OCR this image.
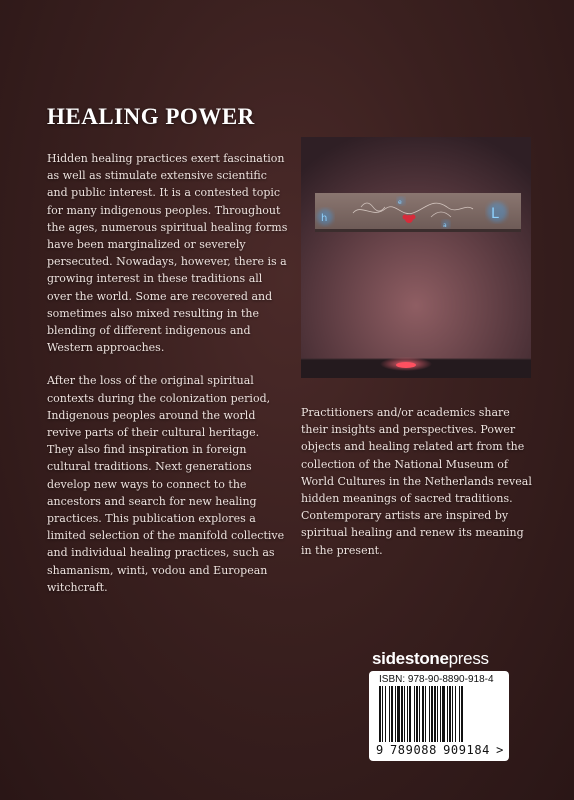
HEALING POWER

Hidden healing practices exert fascination as well as stimulate extensive scientific and public interest. It is a contested topic for many indigenous peoples. Throughout the ages, numerous spiritual healing forms have been marginalized or severely persecuted. Nowadays, however, there is a growing interest in these traditions all over the world. Some are recovered and sometimes also mixed resulting in the blending of different indigenous and Western approaches.

After the loss of the original spiritual contexts during the colonization period, Indigenous peoples around the world revive parts of their cultural heritage. They also find inspiration in foreign cultural traditions. Next generations develop new ways to connect to the ancestors and search for new healing practices. This publication explores a limited selection of the manifold collective and individual healing practices, such as shamanism, winti, vodou and European witchcraft.

h
e
a
L

Practitioners and/or academics share their insights and perspectives. Power objects and healing related art from the collection of the National Museum of World Cultures in the Netherlands reveal hidden meanings of sacred traditions. Contemporary artists are inspired by spiritual healing and renew its meaning in the present.

sidestonepress
ISBN: 978-90-8890-918-4
9 789088 909184 >
